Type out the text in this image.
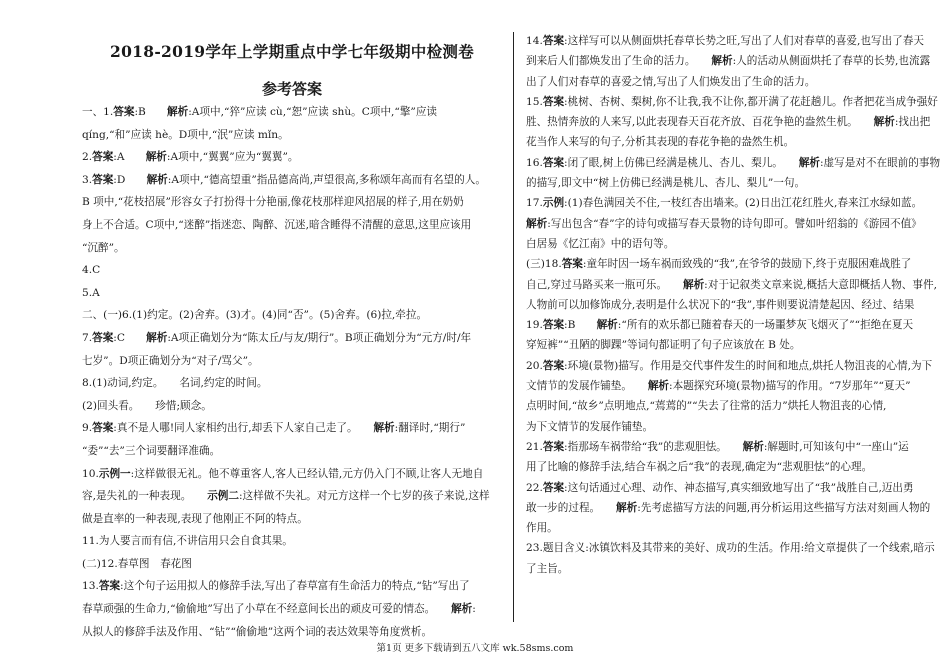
2018-2019学年上学期重点中学七年级期中检测卷
参考答案
一、1.答案:B　　解析:A项中,“猝”应读 cù,“恕”应读 shù。C项中,“擎”应读
qíng,“和”应读 hè。D项中,“泯”应读 mǐn。
2.答案:A　　解析:A项中,“翼翼”应为“翼翼”。
3.答案:D　　解析:A项中,“德高望重”指品德高尚,声望很高,多称颂年高而有名望的人。
B 项中,“花枝招展”形容女子打扮得十分艳丽,像花枝那样迎风招展的样子,用在奶奶
身上不合适。C项中,“迷醉”指迷恋、陶醉、沉迷,暗含睡得不清醒的意思,这里应该用
“沉醉”。
4.C
5.A
二、(一)6.(1)约定。(2)舍弃。(3)才。(4)同“否”。(5)舍弃。(6)拉,牵拉。
7.答案:C　　解析:A项正确划分为“陈太丘/与友/期行”。B项正确划分为“元方/时/年
七岁”。D项正确划分为“对子/骂父”。
8.(1)动词,约定。　　名词,约定的时间。
(2)回头看。　　珍惜;顾念。
9.答案:真不是人哪!同人家相约出行,却丢下人家自己走了。　　解析:翻译时,“期行”
“委”“去”三个词要翻译准确。
10.示例一:这样做很无礼。他不尊重客人,客人已经认错,元方仍入门不顾,让客人无地自
容,是失礼的一种表现。　　示例二:这样做不失礼。对元方这样一个七岁的孩子来说,这样
做是直率的一种表现,表现了他刚正不阿的特点。
11.为人要言而有信,不讲信用只会自食其果。
(二)12.春草图　春花图
13.答案:这个句子运用拟人的修辞手法,写出了春草富有生命活力的特点,“钻”写出了
春草顽强的生命力,“偷偷地”写出了小草在不经意间长出的顽皮可爱的情态。　　解析:
从拟人的修辞手法及作用、“钻”“偷偷地”这两个词的表达效果等角度赏析。
14.答案:这样写可以从侧面烘托春草长势之旺,写出了人们对春草的喜爱,也写出了春天
到来后人们都焕发出了生命的活力。　　解析:人的活动从侧面烘托了春草的长势,也流露
出了人们对春草的喜爱之情,写出了人们焕发出了生命的活力。
15.答案:桃树、杏树、梨树,你不让我,我不让你,都开满了花赶趟儿。作者把花当成争强好
胜、热情奔放的人来写,以此表现春天百花齐放、百花争艳的盎然生机。　　解析:找出把
花当作人来写的句子,分析其表现的春花争艳的盎然生机。
16.答案:闭了眼,树上仿佛已经满是桃儿、杏儿、梨儿。　　解析:虚写是对不在眼前的事物
的描写,即文中“树上仿佛已经满是桃儿、杏儿、梨儿”一句。
17.示例:(1)春色满园关不住,一枝红杏出墙来。(2)日出江花红胜火,春来江水绿如蓝。
解析:写出包含“春”字的诗句或描写春天景物的诗句即可。譬如叶绍翁的《游园不值》
白居易《忆江南》中的语句等。
(三)18.答案:童年时因一场车祸而致残的“我”,在爷爷的鼓励下,终于克服困难战胜了
自己,穿过马路买来一瓶可乐。　　解析:对于记叙类文章来说,概括大意即概括人物、事件,
人物前可以加修饰成分,表明是什么状况下的“我”,事件则要说清楚起因、经过、结果
19.答案:B　　解析:“所有的欢乐都已随着春天的一场噩梦灰飞烟灭了”“拒绝在夏天
穿短裤”“丑陋的脚踝”等词句都证明了句子应该放在 B 处。
20.答案:环境(景物)描写。作用是交代事件发生的时间和地点,烘托人物沮丧的心情,为下
文情节的发展作铺垫。　　解析:本题探究环境(景物)描写的作用。“7岁那年”“夏天”
点明时间,“故乡”点明地点,“蔫蔫的”“失去了往常的活力”烘托人物沮丧的心情,
为下文情节的发展作铺垫。
21.答案:指那场车祸带给“我”的悲观胆怯。　　解析:解题时,可知该句中“一座山”运
用了比喻的修辞手法,结合车祸之后“我”的表现,确定为“悲观胆怯”的心理。
22.答案:这句话通过心理、动作、神态描写,真实细致地写出了“我”战胜自己,迈出勇
敢一步的过程。　　解析:先考虑描写方法的问题,再分析运用这些描写方法对刻画人物的
作用。
23.题目含义:冰镇饮料及其带来的美好、成功的生活。作用:给文章提供了一个线索,暗示
了主旨。
第1页 更多下载请到五八文库 wk.58sms.com
